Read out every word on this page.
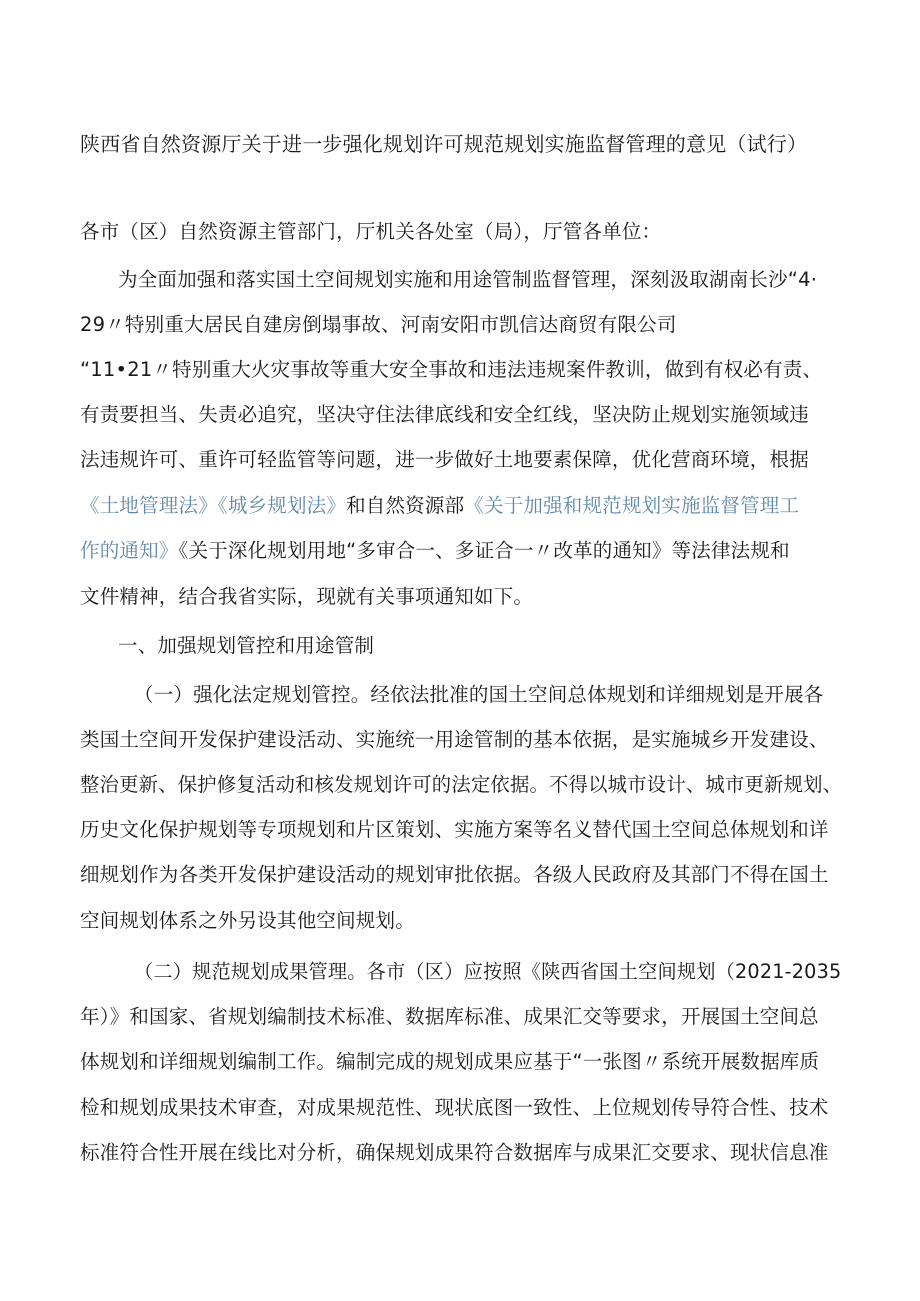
陕西省自然资源厅关于进一步强化规划许可规范规划实施监督管理的意见（试行）
各市（区）自然资源主管部门，厅机关各处室（局），厅管各单位：
为全面加强和落实国土空间规划实施和用途管制监督管理，深刻汲取湖南长沙“4·
29〃特别重大居民自建房倒塌事故、河南安阳市凯信达商贸有限公司
“11•21〃特别重大火灾事故等重大安全事故和违法违规案件教训，做到有权必有责、
有责要担当、失责必追究，坚决守住法律底线和安全红线，坚决防止规划实施领域违
法违规许可、重许可轻监管等问题，进一步做好土地要素保障，优化营商环境，根据
《土地管理法》《城乡规划法》和自然资源部《关于加强和规范规划实施监督管理工
作的通知》《关于深化规划用地“多审合一、多证合一〃改革的通知》等法律法规和
文件精神，结合我省实际，现就有关事项通知如下。
一、加强规划管控和用途管制
（一）强化法定规划管控。经依法批准的国土空间总体规划和详细规划是开展各
类国土空间开发保护建设活动、实施统一用途管制的基本依据，是实施城乡开发建设、
整治更新、保护修复活动和核发规划许可的法定依据。不得以城市设计、城市更新规划、
历史文化保护规划等专项规划和片区策划、实施方案等名义替代国土空间总体规划和详
细规划作为各类开发保护建设活动的规划审批依据。各级人民政府及其部门不得在国土
空间规划体系之外另设其他空间规划。
（二）规范规划成果管理。各市（区）应按照《陕西省国土空间规划（2021-2035
年）》和国家、省规划编制技术标准、数据库标准、成果汇交等要求，开展国土空间总
体规划和详细规划编制工作。编制完成的规划成果应基于“一张图〃系统开展数据库质
检和规划成果技术审查，对成果规范性、现状底图一致性、上位规划传导符合性、技术
标准符合性开展在线比对分析，确保规划成果符合数据库与成果汇交要求、现状信息准
